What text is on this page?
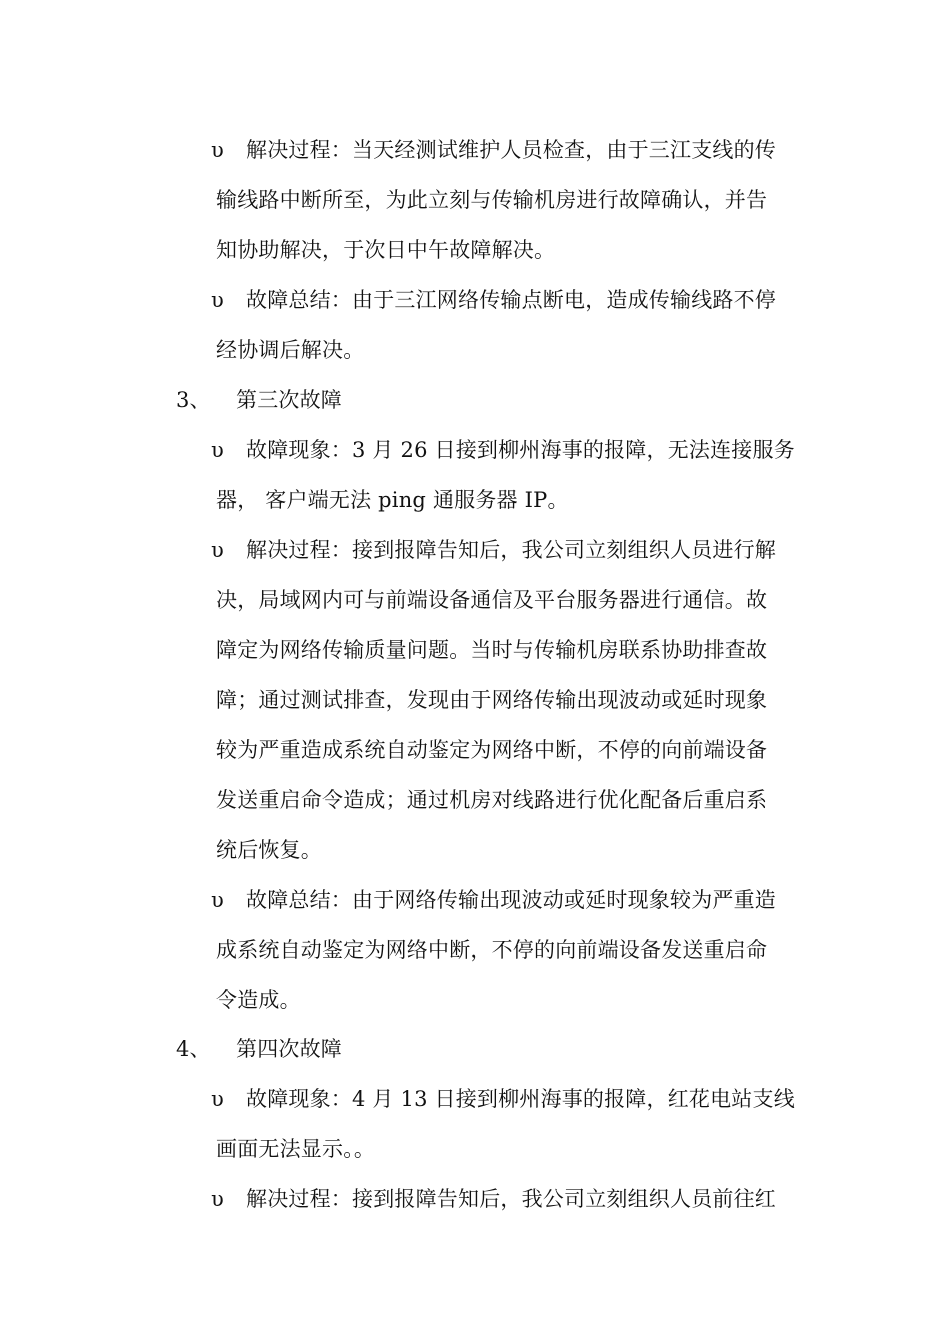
υ 解决过程：当天经测试维护人员检查，由于三江支线的传
输线路中断所至，为此立刻与传输机房进行故障确认，并告
知协助解决，于次日中午故障解决。
υ 故障总结：由于三江网络传输点断电，造成传输线路不停
经协调后解决。
3、 第三次故障
υ 故障现象：3 月 26 日接到柳州海事的报障，无法连接服务
器， 客户端无法 ping 通服务器 IP。
υ 解决过程：接到报障告知后，我公司立刻组织人员进行解
决，局域网内可与前端设备通信及平台服务器进行通信。故
障定为网络传输质量问题。当时与传输机房联系协助排查故
障；通过测试排查，发现由于网络传输出现波动或延时现象
较为严重造成系统自动鉴定为网络中断，不停的向前端设备
发送重启命令造成；通过机房对线路进行优化配备后重启系
统后恢复。
υ 故障总结：由于网络传输出现波动或延时现象较为严重造
成系统自动鉴定为网络中断，不停的向前端设备发送重启命
令造成。
4、 第四次故障
υ 故障现象：4 月 13 日接到柳州海事的报障，红花电站支线
画面无法显示。。
υ 解决过程：接到报障告知后，我公司立刻组织人员前往红
